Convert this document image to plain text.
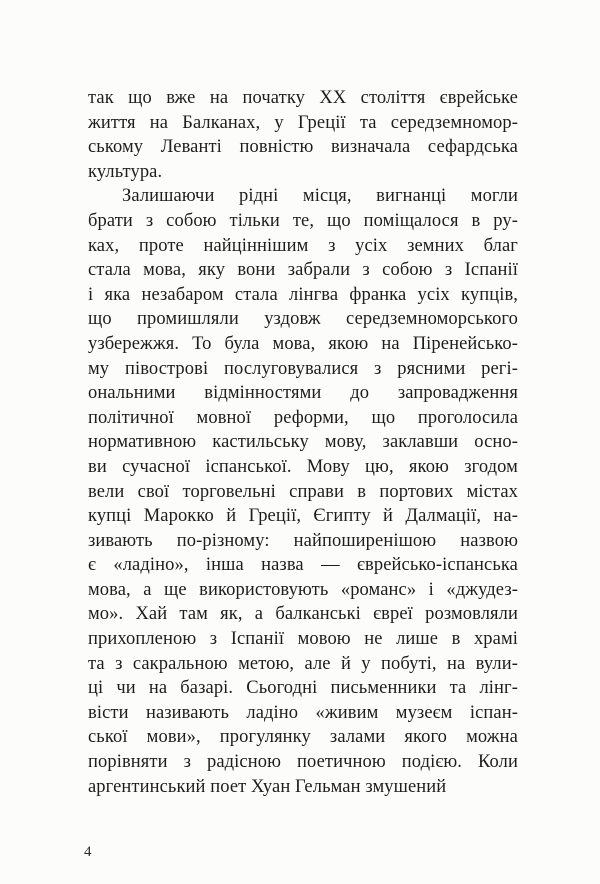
так що вже на початку XX століття єврейське
життя на Балканах, у Греції та середземномор-
ському Леванті повністю визначала сефардська
культура.
Залишаючи рідні місця, вигнанці могли
брати з собою тільки те, що поміщалося в ру-
ках, проте найціннішим з усіх земних благ
стала мова, яку вони забрали з собою з Іспанії
і яка незабаром стала лінгва франка усіх купців,
що промишляли уздовж середземноморського
узбережжя. То була мова, якою на Піренейсько-
му півострові послуговувалися з рясними регі-
ональними відмінностями до запровадження
політичної мовної реформи, що проголосила
нормативною кастильську мову, заклавши осно-
ви сучасної іспанської. Мову цю, якою згодом
вели свої торговельні справи в портових містах
купці Марокко й Греції, Єгипту й Далмації, на-
зивають по-різному: найпоширенішою назвою
є «ладіно», інша назва — єврейсько-іспанська
мова, а ще використовують «романс» і «джудез-
мо». Хай там як, а балканські євреї розмовляли
прихопленою з Іспанії мовою не лише в храмі
та з сакральною метою, але й у побуті, на вули-
ці чи на базарі. Сьогодні письменники та лінг-
вісти називають ладіно «живим музеєм іспан-
ської мови», прогулянку залами якого можна
порівняти з радісною поетичною подією. Коли
аргентинський поет Хуан Гельман змушений
4
